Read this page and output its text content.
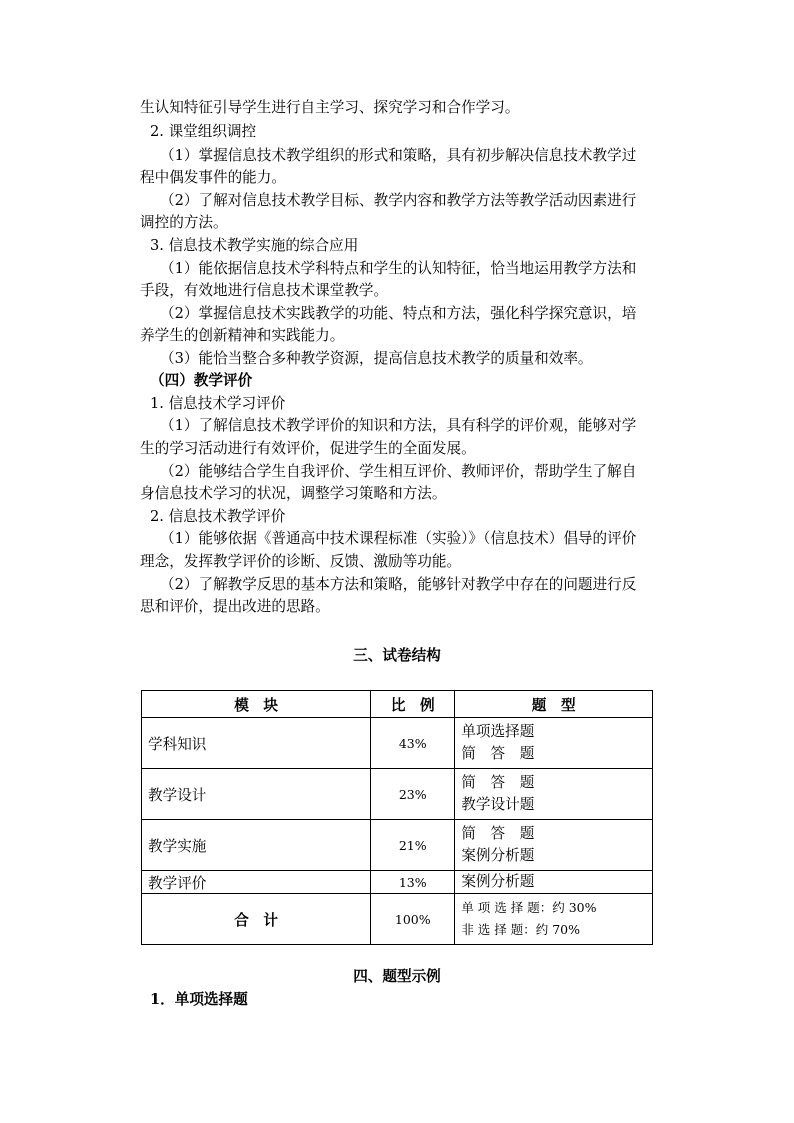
生认知特征引导学生进行自主学习、探究学习和合作学习。
2. 课堂组织调控
（1）掌握信息技术教学组织的形式和策略，具有初步解决信息技术教学过
程中偶发事件的能力。
（2）了解对信息技术教学目标、教学内容和教学方法等教学活动因素进行
调控的方法。
3. 信息技术教学实施的综合应用
（1）能依据信息技术学科特点和学生的认知特征，恰当地运用教学方法和
手段，有效地进行信息技术课堂教学。
（2）掌握信息技术实践教学的功能、特点和方法，强化科学探究意识，培
养学生的创新精神和实践能力。
（3）能恰当整合多种教学资源，提高信息技术教学的质量和效率。
（四）教学评价
1. 信息技术学习评价
（1）了解信息技术教学评价的知识和方法，具有科学的评价观，能够对学
生的学习活动进行有效评价，促进学生的全面发展。
（2）能够结合学生自我评价、学生相互评价、教师评价，帮助学生了解自
身信息技术学习的状况，调整学习策略和方法。
2. 信息技术教学评价
（1）能够依据《普通高中技术课程标准（实验）》（信息技术）倡导的评价
理念，发挥教学评价的诊断、反馈、激励等功能。
（2）了解教学反思的基本方法和策略，能够针对教学中存在的问题进行反
思和评价，提出改进的思路。
三、试卷结构
模　块	比　例	题　型
学科知识	43%	单项选择题
简　答　题

教学设计	23%	简　答　题
教学设计题

教学实施	21%	简　答　题
案例分析题

教学评价	13%	案例分析题

合　计	100%	单 项 选 择 题：约 30%
非 选 择 题：约 70%
四、题型示例
1．单项选择题
